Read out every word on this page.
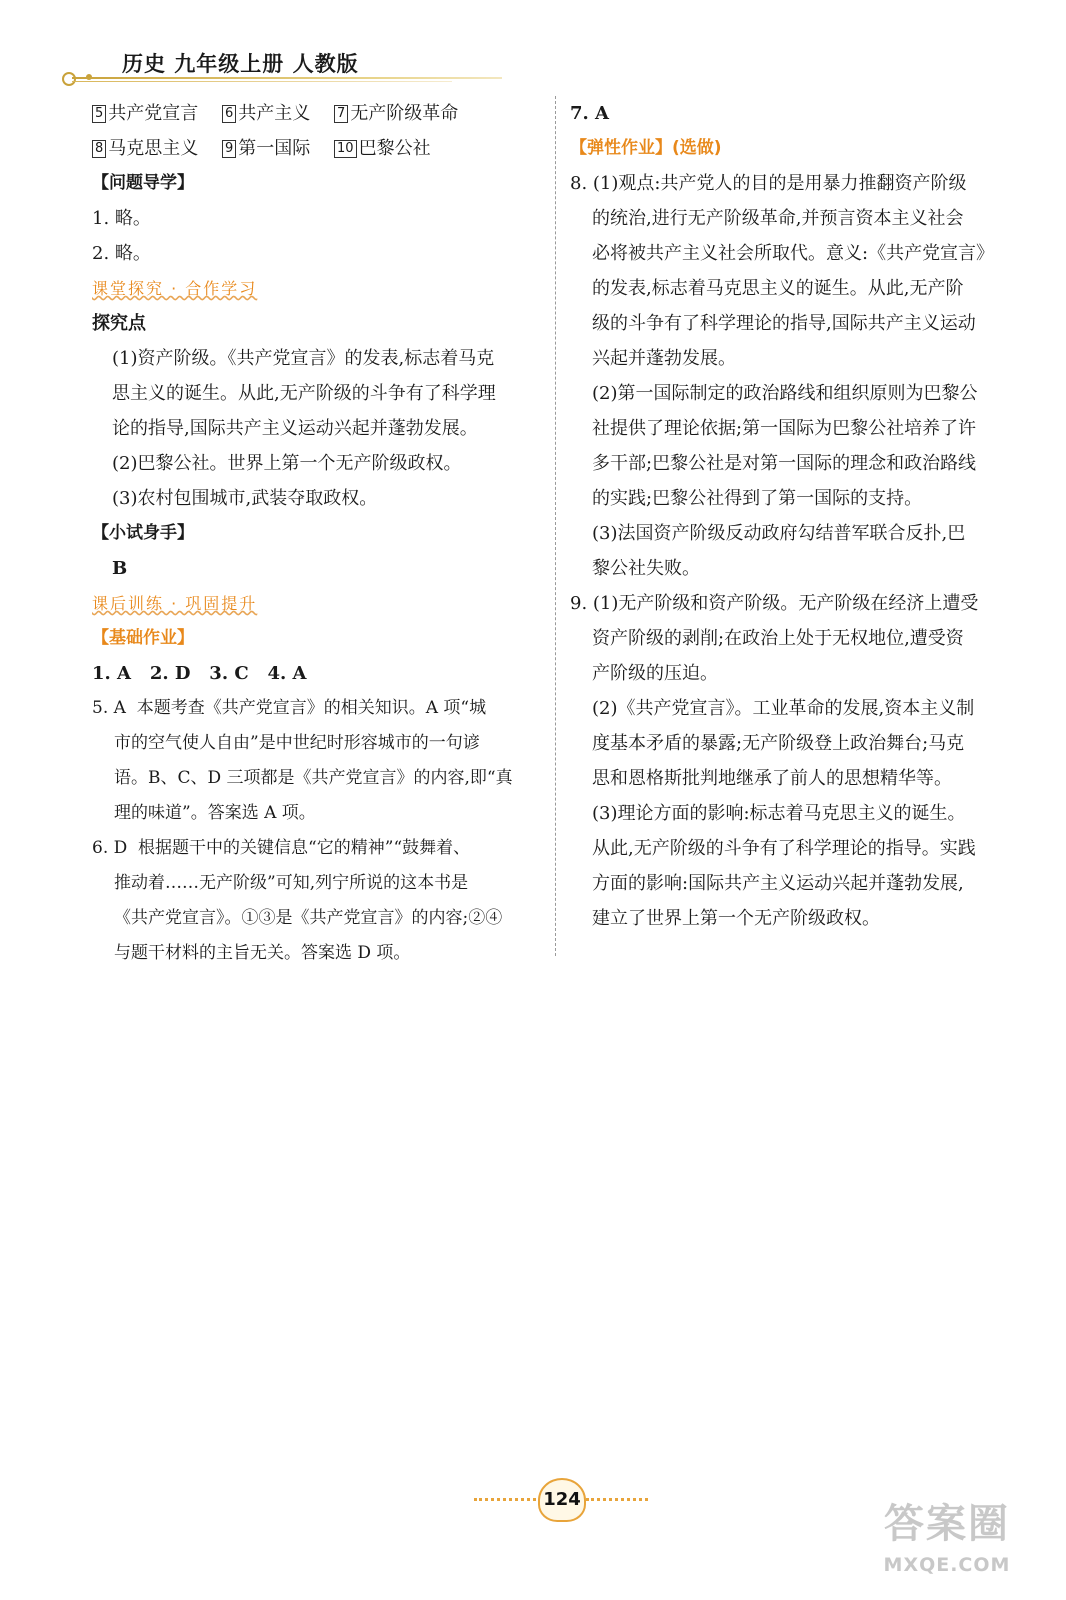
历史 九年级上册 人教版
5 共产党宣言 6 共产主义 7 无产阶级革命
8 马克思主义 9 第一国际 10 巴黎公社
【问题导学】
1. 略。
2. 略。
课堂探究 · 合作学习
探究点
(1)资产阶级。《共产党宣言》的发表,标志着马克
思主义的诞生。从此,无产阶级的斗争有了科学理
论的指导,国际共产主义运动兴起并蓬勃发展。
(2)巴黎公社。世界上第一个无产阶级政权。
(3)农村包围城市,武装夺取政权。
【小试身手】
B
课后训练 · 巩固提升
【基础作业】
1. A   2. D   3. C   4. A
5. A  本题考查《共产党宣言》的相关知识。A 项“城
市的空气使人自由”是中世纪时形容城市的一句谚
语。B、C、D 三项都是《共产党宣言》的内容,即“真
理的味道”。答案选 A 项。
6. D  根据题干中的关键信息“它的精神”“鼓舞着、
推动着……无产阶级”可知,列宁所说的这本书是
《共产党宣言》。①③是《共产党宣言》的内容;②④
与题干材料的主旨无关。答案选 D 项。
7. A
【弹性作业】(选做)
8. (1)观点:共产党人的目的是用暴力推翻资产阶级
的统治,进行无产阶级革命,并预言资本主义社会
必将被共产主义社会所取代。意义:《共产党宣言》
的发表,标志着马克思主义的诞生。从此,无产阶
级的斗争有了科学理论的指导,国际共产主义运动
兴起并蓬勃发展。
(2)第一国际制定的政治路线和组织原则为巴黎公
社提供了理论依据;第一国际为巴黎公社培养了许
多干部;巴黎公社是对第一国际的理念和政治路线
的实践;巴黎公社得到了第一国际的支持。
(3)法国资产阶级反动政府勾结普军联合反扑,巴
黎公社失败。
9. (1)无产阶级和资产阶级。无产阶级在经济上遭受
资产阶级的剥削;在政治上处于无权地位,遭受资
产阶级的压迫。
(2)《共产党宣言》。工业革命的发展,资本主义制
度基本矛盾的暴露;无产阶级登上政治舞台;马克
思和恩格斯批判地继承了前人的思想精华等。
(3)理论方面的影响:标志着马克思主义的诞生。
从此,无产阶级的斗争有了科学理论的指导。实践
方面的影响:国际共产主义运动兴起并蓬勃发展,
建立了世界上第一个无产阶级政权。
124
答案圈
MXQE.COM
